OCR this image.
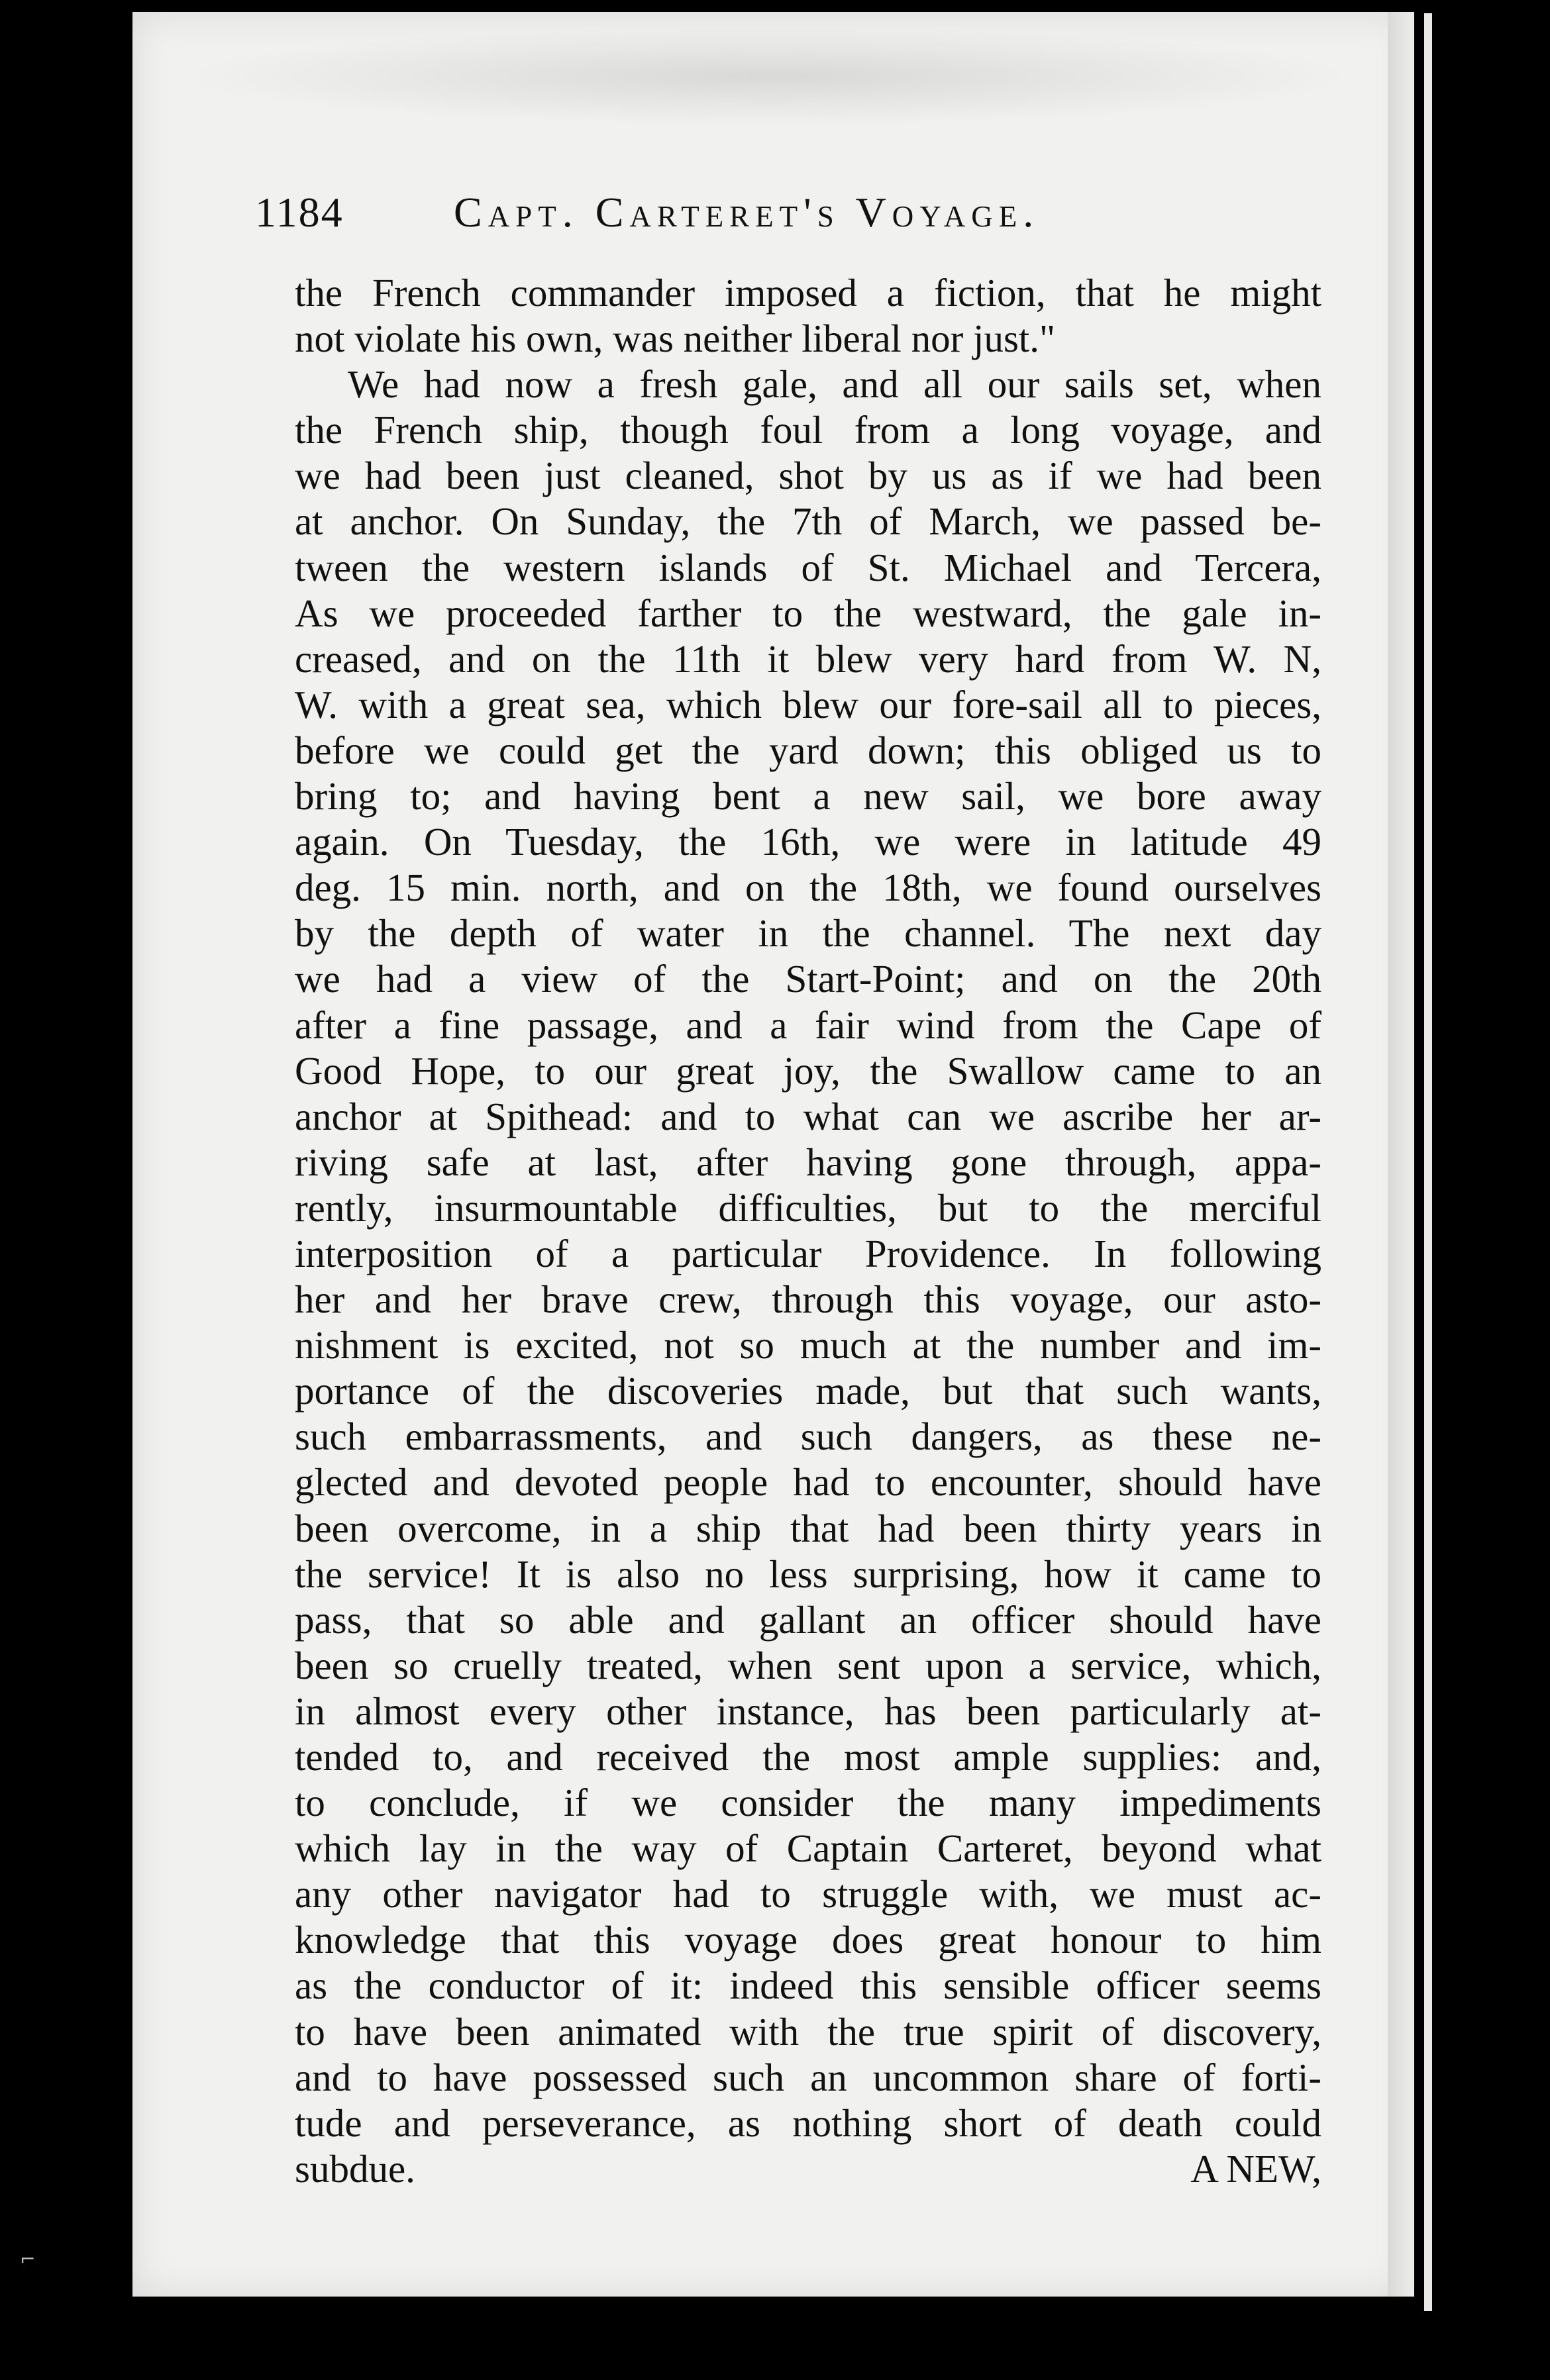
1184	Capt. Carteret's Voyage.
the French commander imposed a fiction, that he might
not violate his own, was neither liberal nor just."
We had now a fresh gale, and all our sails set, when
the French ship, though foul from a long voyage, and
we had been just cleaned, shot by us as if we had been
at anchor. On Sunday, the 7th of March, we passed be-
tween the western islands of St. Michael and Tercera,
As we proceeded farther to the westward, the gale in-
creased, and on the 11th it blew very hard from W. N,
W. with a great sea, which blew our fore-sail all to pieces,
before we could get the yard down; this obliged us to
bring to; and having bent a new sail, we bore away
again. On Tuesday, the 16th, we were in latitude 49
deg. 15 min. north, and on the 18th, we found ourselves
by the depth of water in the channel. The next day
we had a view of the Start-Point; and on the 20th
after a fine passage, and a fair wind from the Cape of
Good Hope, to our great joy, the Swallow came to an
anchor at Spithead: and to what can we ascribe her ar-
riving safe at last, after having gone through, appa-
rently, insurmountable difficulties, but to the merciful
interposition of a particular Providence. In following
her and her brave crew, through this voyage, our asto-
nishment is excited, not so much at the number and im-
portance of the discoveries made, but that such wants,
such embarrassments, and such dangers, as these ne-
glected and devoted people had to encounter, should have
been overcome, in a ship that had been thirty years in
the service! It is also no less surprising, how it came to
pass, that so able and gallant an officer should have
been so cruelly treated, when sent upon a service, which,
in almost every other instance, has been particularly at-
tended to, and received the most ample supplies: and,
to conclude, if we consider the many impediments
which lay in the way of Captain Carteret, beyond what
any other navigator had to struggle with, we must ac-
knowledge that this voyage does great honour to him
as the conductor of it: indeed this sensible officer seems
to have been animated with the true spirit of discovery,
and to have possessed such an uncommon share of forti-
tude and perseverance, as nothing short of death could
subdue.	A NEW,
⌐
